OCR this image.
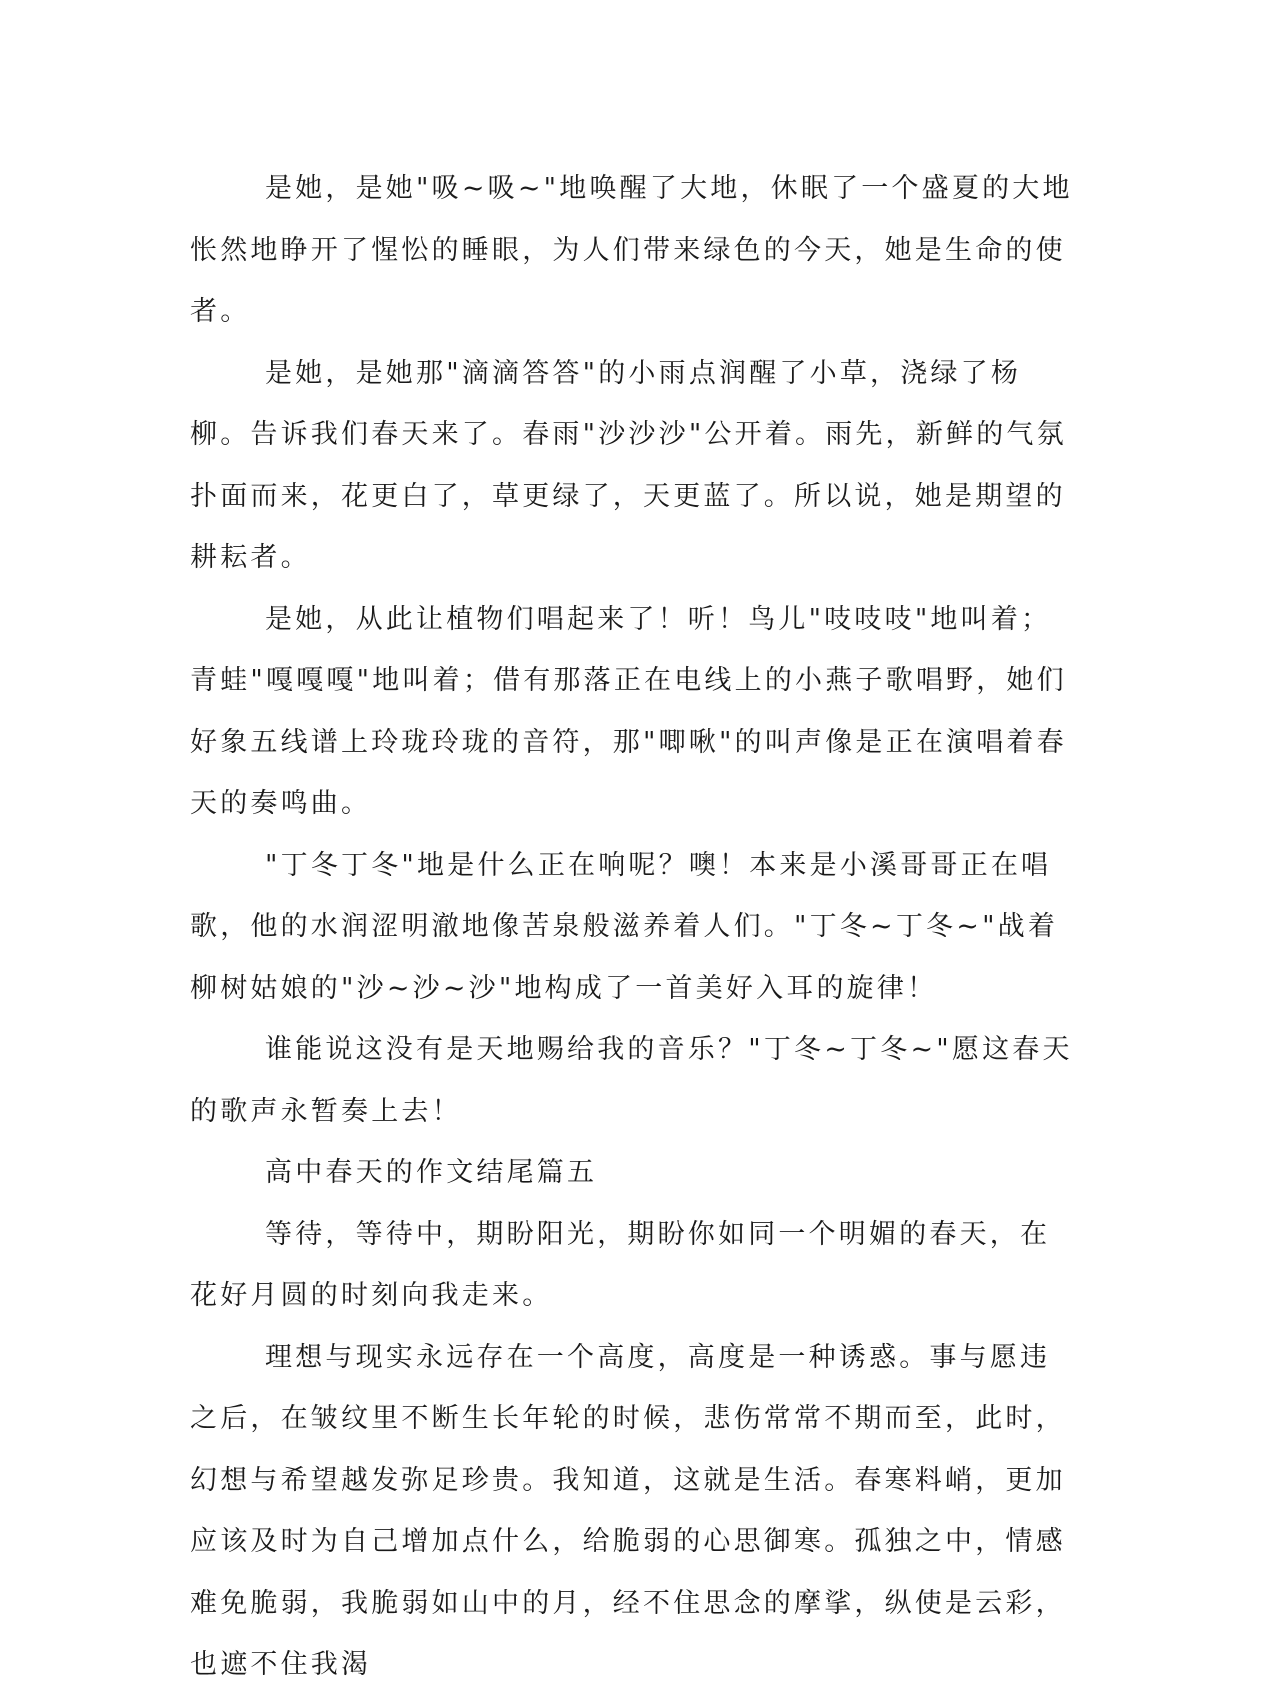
是她，是她"吸~吸~"地唤醒了大地，休眠了一个盛夏的大地怅然地睁开了惺忪的睡眼，为人们带来绿色的今天，她是生命的使者。

是她，是她那"滴滴答答"的小雨点润醒了小草，浇绿了杨柳。告诉我们春天来了。春雨"沙沙沙"公开着。雨先，新鲜的气氛扑面而来，花更白了，草更绿了，天更蓝了。所以说，她是期望的耕耘者。

是她，从此让植物们唱起来了！听！鸟儿"吱吱吱"地叫着；青蛙"嘎嘎嘎"地叫着；借有那落正在电线上的小燕子歌唱野，她们好象五线谱上玲珑玲珑的音符，那"唧啾"的叫声像是正在演唱着春天的奏鸣曲。

"丁冬丁冬"地是什么正在响呢？噢！本来是小溪哥哥正在唱歌，他的水润涩明澈地像苦泉般滋养着人们。"丁冬~丁冬~"战着柳树姑娘的"沙~沙~沙"地构成了一首美好入耳的旋律！

谁能说这没有是天地赐给我的音乐？"丁冬~丁冬~"愿这春天的歌声永暂奏上去！

高中春天的作文结尾篇五

等待，等待中，期盼阳光，期盼你如同一个明媚的春天，在花好月圆的时刻向我走来。

理想与现实永远存在一个高度，高度是一种诱惑。事与愿违之后，在皱纹里不断生长年轮的时候，悲伤常常不期而至，此时，幻想与希望越发弥足珍贵。我知道，这就是生活。春寒料峭，更加应该及时为自己增加点什么，给脆弱的心思御寒。孤独之中，情感难免脆弱，我脆弱如山中的月，经不住思念的摩挲，纵使是云彩，也遮不住我渴
